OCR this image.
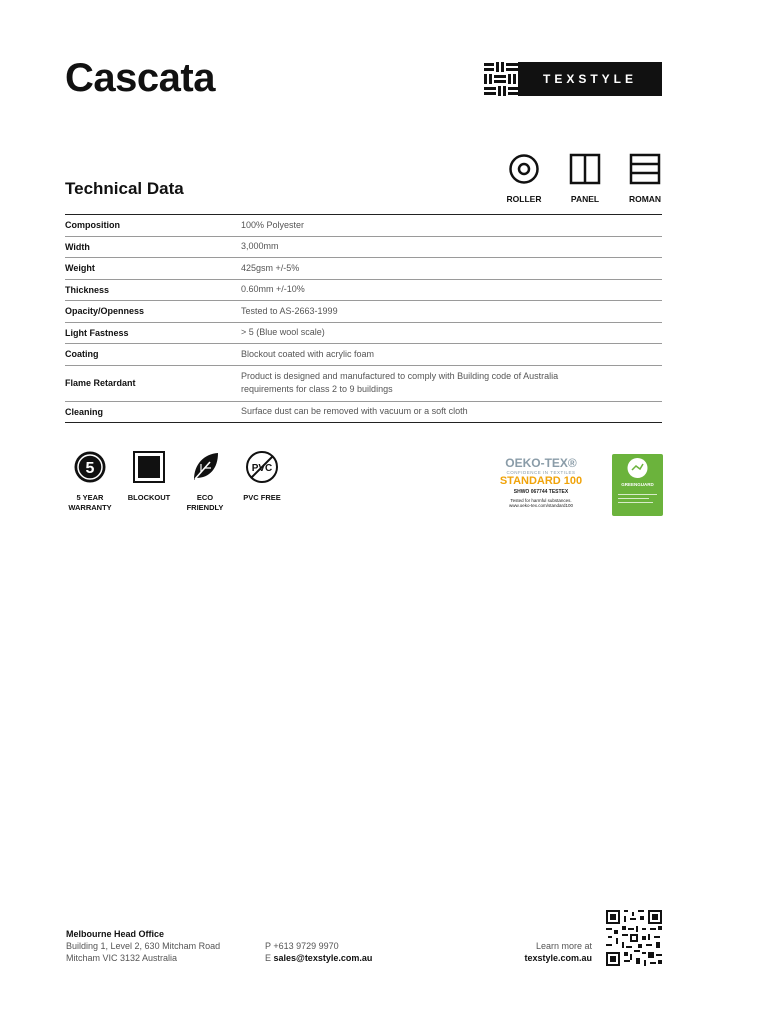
Cascata	TEXSTYLE
Technical Data
ROLLER	PANEL	ROMAN
Composition	100% Polyester
Width	3,000mm
Weight	425gsm +/-5%
Thickness	0.60mm +/-10%
Opacity/Openness	Tested to AS-2663-1999
Light Fastness	> 5 (Blue wool scale)
Coating	Blockout coated with acrylic foam
Flame Retardant
Product is designed and manufactured to comply with Building code of Australia
requirements for class 2 to 9 buildings
Cleaning	Surface dust can be removed with vacuum or a soft cloth
5
5 YEAR
WARRANTY
BLOCKOUT	ECO
FRIENDLY
PVC
PVC FREE
OEKO-TEX®
CONFIDENCE IN TEXTILES
STANDARD 100
SHWO 067744 TESTEX
Tested for harmful substances.
www.oeko-tex.com/standard100
GREENGUARD
Melbourne Head Office
Building 1, Level 2, 630 Mitcham Road
Mitcham VIC 3132 Australia
P +613 9729 9970
E sales@texstyle.com.au
Learn more at
texstyle.com.au
